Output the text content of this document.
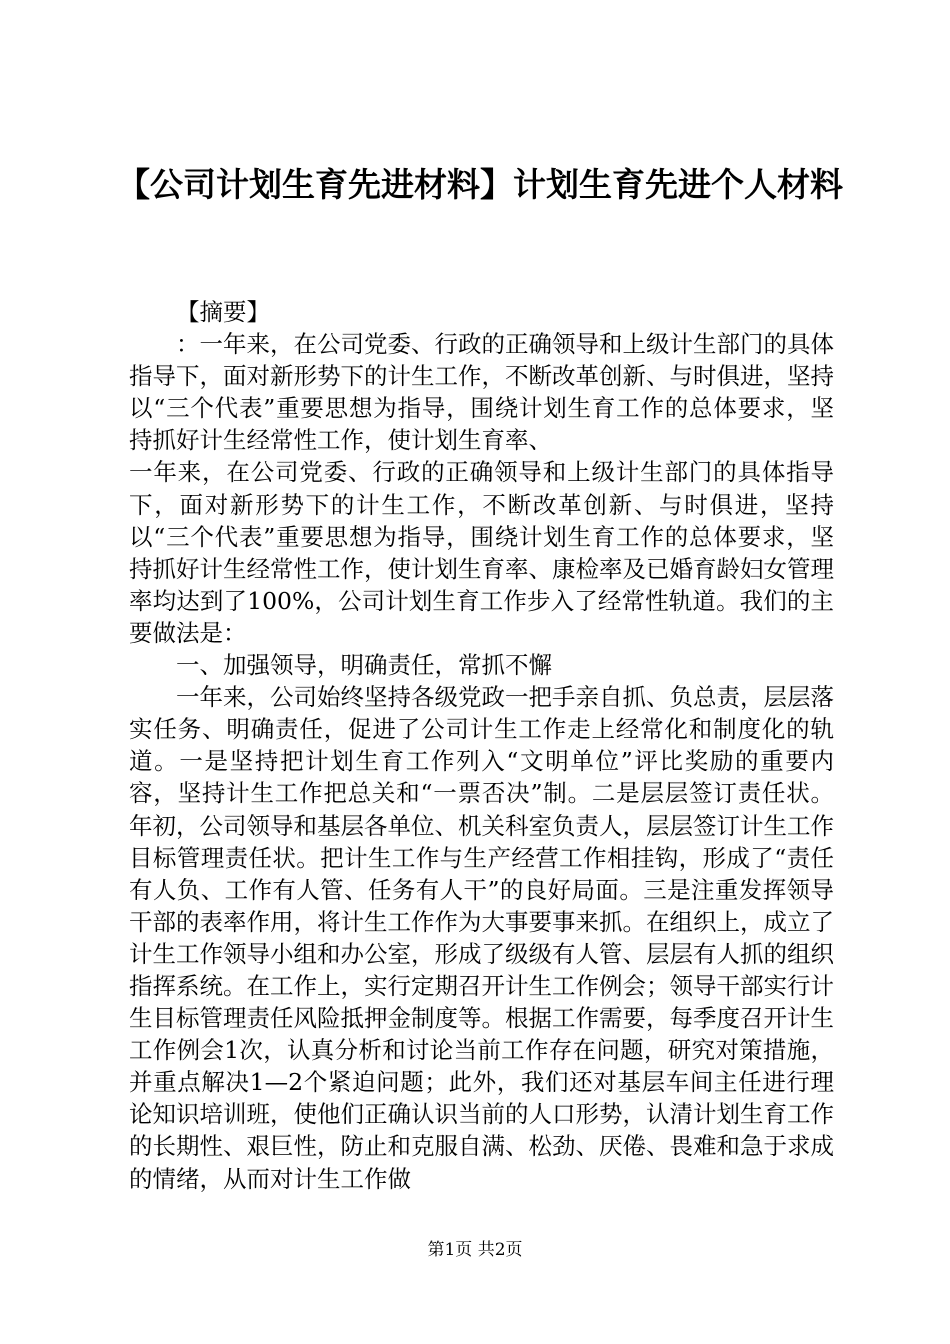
【公司计划生育先进材料】计划生育先进个人材料

【摘要】

：一年来，在公司党委、行政的正确领导和上级计生部门的具体指导下，面对新形势下的计生工作，不断改革创新、与时俱进，坚持以“三个代表”重要思想为指导，围绕计划生育工作的总体要求，坚持抓好计生经常性工作，使计划生育率、

一年来，在公司党委、行政的正确领导和上级计生部门的具体指导下，面对新形势下的计生工作，不断改革创新、与时俱进，坚持以“三个代表”重要思想为指导，围绕计划生育工作的总体要求，坚持抓好计生经常性工作，使计划生育率、康检率及已婚育龄妇女管理率均达到了100%，公司计划生育工作步入了经常性轨道。我们的主要做法是：

一、加强领导，明确责任，常抓不懈

一年来，公司始终坚持各级党政一把手亲自抓、负总责，层层落实任务、明确责任，促进了公司计生工作走上经常化和制度化的轨道。一是坚持把计划生育工作列入“文明单位”评比奖励的重要内容，坚持计生工作把总关和“一票否决”制。二是层层签订责任状。年初，公司领导和基层各单位、机关科室负责人，层层签订计生工作目标管理责任状。把计生工作与生产经营工作相挂钩，形成了“责任有人负、工作有人管、任务有人干”的良好局面。三是注重发挥领导干部的表率作用，将计生工作作为大事要事来抓。在组织上，成立了计生工作领导小组和办公室，形成了级级有人管、层层有人抓的组织指挥系统。在工作上，实行定期召开计生工作例会；领导干部实行计生目标管理责任风险抵押金制度等。根据工作需要，每季度召开计生工作例会1次，认真分析和讨论当前工作存在问题，研究对策措施，并重点解决1—2个紧迫问题；此外，我们还对基层车间主任进行理论知识培训班，使他们正确认识当前的人口形势，认清计划生育工作的长期性、艰巨性，防止和克服自满、松劲、厌倦、畏难和急于求成的情绪，从而对计生工作做

第1页 共2页
